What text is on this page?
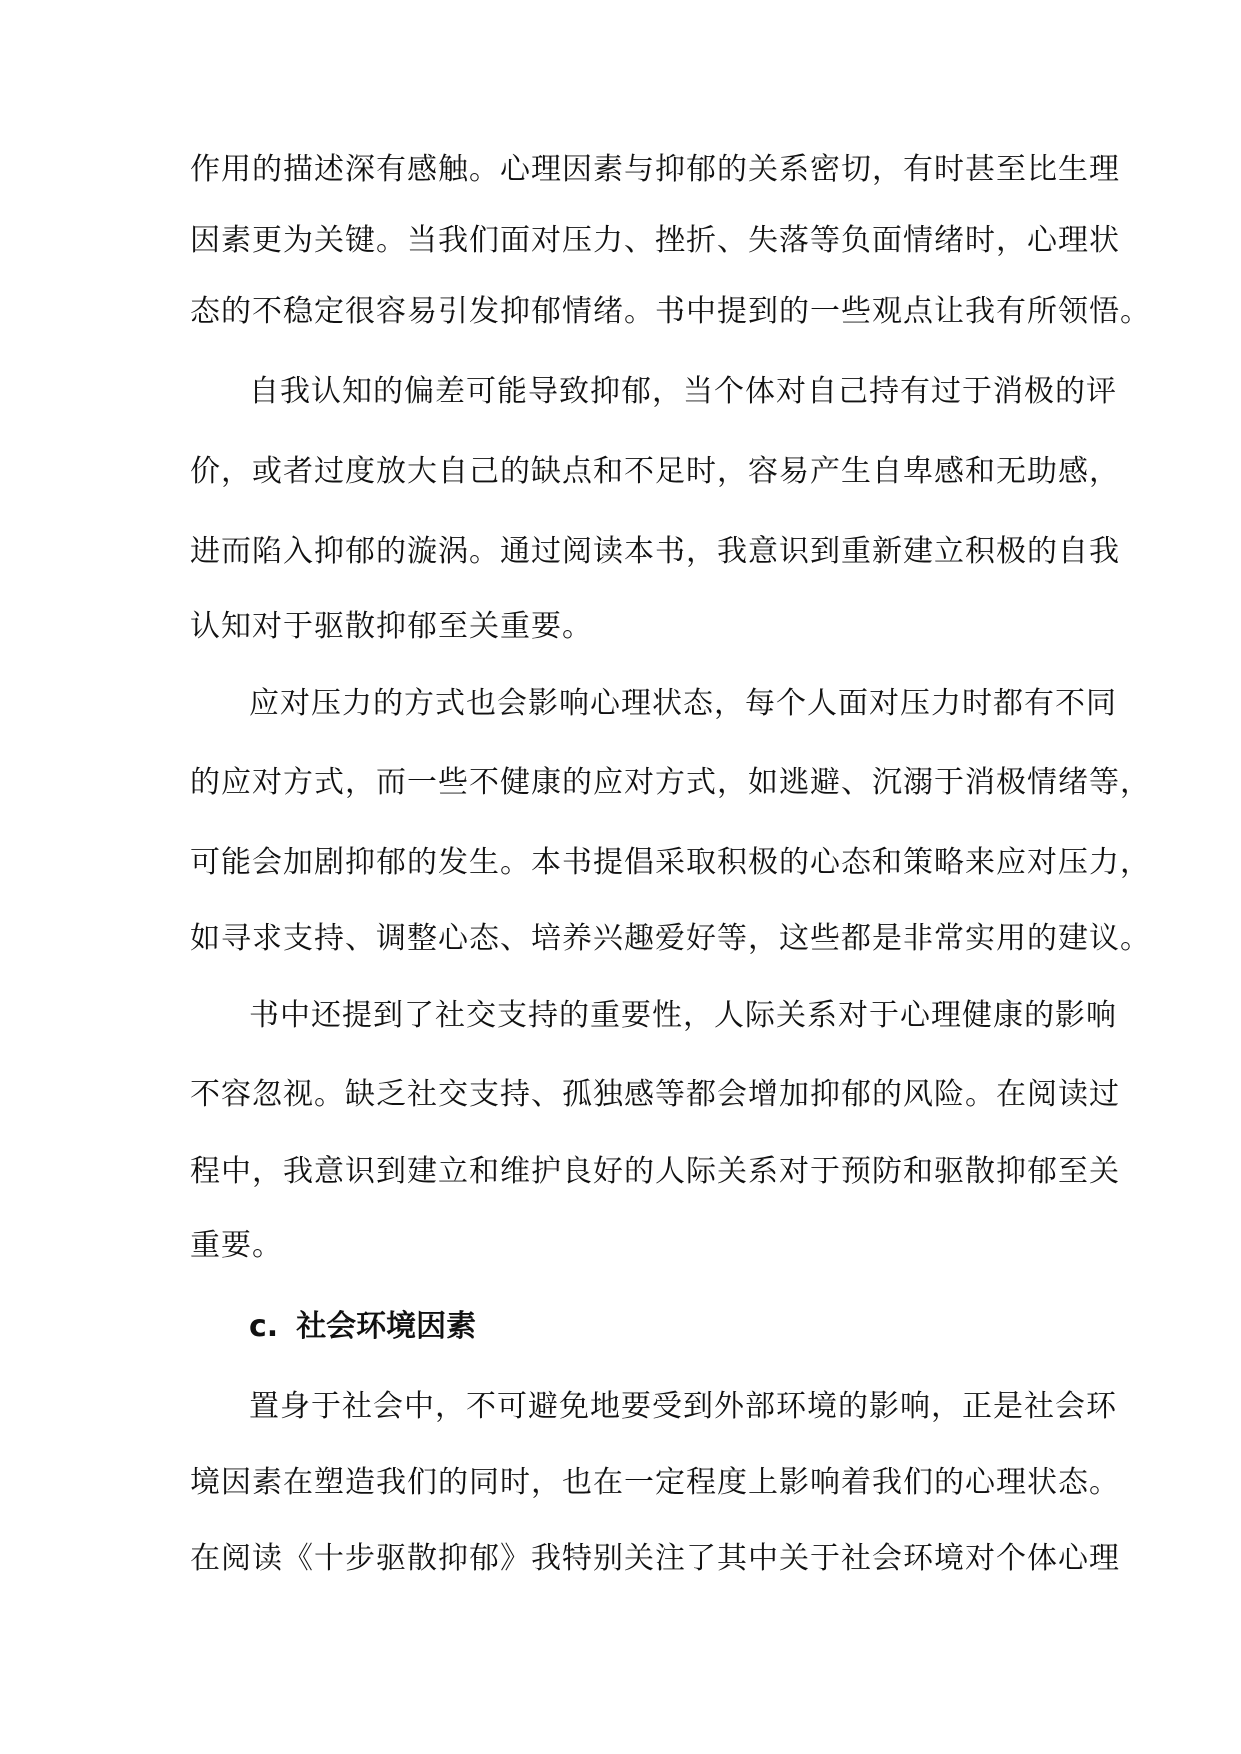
作用的描述深有感触。心理因素与抑郁的关系密切，有时甚至比生理
因素更为关键。当我们面对压力、挫折、失落等负面情绪时，心理状
态的不稳定很容易引发抑郁情绪。书中提到的一些观点让我有所领悟。
自我认知的偏差可能导致抑郁，当个体对自己持有过于消极的评
价，或者过度放大自己的缺点和不足时，容易产生自卑感和无助感，
进而陷入抑郁的漩涡。通过阅读本书，我意识到重新建立积极的自我
认知对于驱散抑郁至关重要。
应对压力的方式也会影响心理状态，每个人面对压力时都有不同
的应对方式，而一些不健康的应对方式，如逃避、沉溺于消极情绪等，
可能会加剧抑郁的发生。本书提倡采取积极的心态和策略来应对压力，
如寻求支持、调整心态、培养兴趣爱好等，这些都是非常实用的建议。
书中还提到了社交支持的重要性，人际关系对于心理健康的影响
不容忽视。缺乏社交支持、孤独感等都会增加抑郁的风险。在阅读过
程中，我意识到建立和维护良好的人际关系对于预防和驱散抑郁至关
重要。
c. 社会环境因素
置身于社会中，不可避免地要受到外部环境的影响，正是社会环
境因素在塑造我们的同时，也在一定程度上影响着我们的心理状态。
在阅读《十步驱散抑郁》我特别关注了其中关于社会环境对个体心理
